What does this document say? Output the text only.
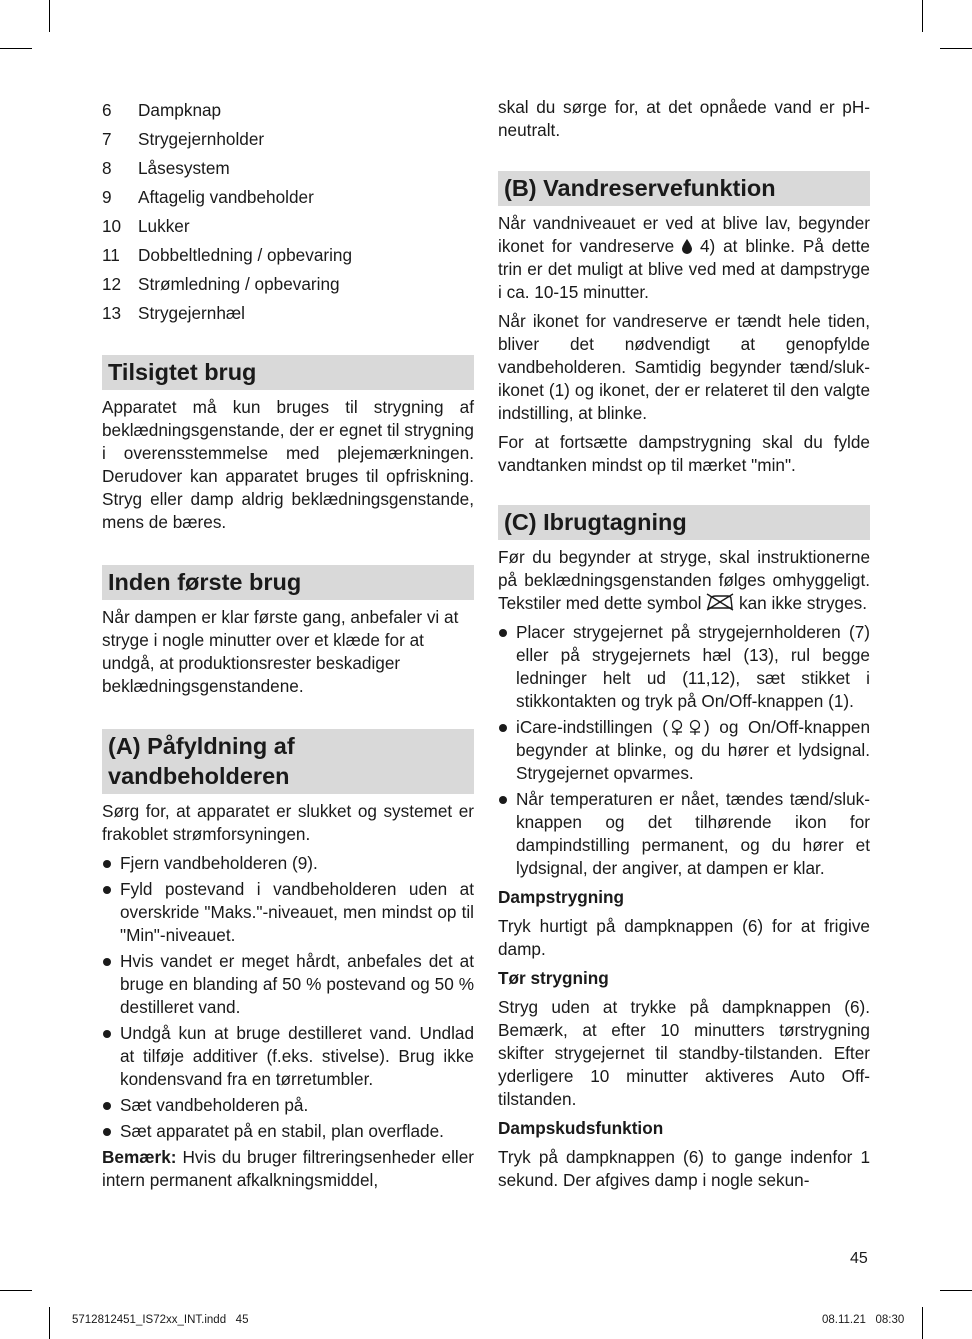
6	Dampknap
7	Strygejernholder
8	Låsesystem
9	Aftagelig vandbeholder
10 Lukker
11	Dobbeltledning / opbevaring
12 Strømledning / opbevaring
13 Strygejernhæl
Tilsigtet brug

Apparatet må kun bruges til strygning af beklædningsgenstande, der er egnet til strygning i overensstemmelse med plejemærkningen. Derudover kan apparatet bruges til opfriskning. Stryg eller damp aldrig beklædningsgenstande, mens de bæres.

Inden første brug

Når dampen er klar første gang, anbefaler vi at stryge i nogle minutter over et klæde for at undgå, at produktionsrester beskadiger beklædningsgenstandene.

(A) Påfyldning af vandbeholderen

Sørg for, at apparatet er slukket og systemet er frakoblet strømforsyningen.

Fjern vandbeholderen (9).
Fyld postevand i vandbeholderen uden at overskride "Maks."-niveauet, men mindst op til "Min"-niveauet.
Hvis vandet er meget hårdt, anbefales det at bruge en blanding af 50 % postevand og 50 % destilleret vand.
Undgå kun at bruge destilleret vand. Undlad at tilføje additiver (f.eks. stivelse). Brug ikke kondensvand fra en tørretumbler.
Sæt vandbeholderen på.
Sæt apparatet på en stabil, plan overflade.

Bemærk: Hvis du bruger filtreringsenheder eller intern permanent afkalkningsmiddel,

skal du sørge for, at det opnåede vand er pH-neutralt.

(B) Vandreservefunktion

Når vandniveauet er ved at blive lav, begynder ikonet for vandreserve  4) at blinke. På dette trin er det muligt at blive ved med at dampstryge i ca. 10-15 minutter.

Når ikonet for vandreserve er tændt hele tiden, bliver det nødvendigt at genopfylde vandbeholderen. Samtidig begynder tænd/sluk-ikonet (1) og ikonet, der er relateret til den valgte indstilling, at blinke.

For at fortsætte dampstrygning skal du fylde vandtanken mindst op til mærket "min".

(C) Ibrugtagning

Før du begynder at stryge, skal instruktionerne på beklædningsgenstanden følges omhyggeligt. Tekstiler med dette symbol  kan ikke stryges.

Placer strygejernet på strygejernholderen (7) eller på strygejernets hæl (13), rul begge ledninger helt ud (11,12), sæt stikket i stikkontakten og tryk på On/Off-knappen (1).
iCare-indstillingen ( ) og On/Off-knappen begynder at blinke, og du hører et lydsignal. Strygejernet opvarmes.
Når temperaturen er nået, tændes tænd/sluk-knappen og det tilhørende ikon for dampindstilling permanent, og du hører et lydsignal, der angiver, at dampen er klar.
Dampstrygning

Tryk hurtigt på dampknappen (6) for at frigive damp.

Tør strygning

Stryg uden at trykke på dampknappen (6). Bemærk, at efter 10 minutters tørstrygning skifter strygejernet til standby-tilstanden. Efter yderligere 10 minutter aktiveres Auto Off-tilstanden.

Dampskudsfunktion

Tryk på dampknappen (6) to gange indenfor 1 sekund. Der afgives damp i nogle sekun-

45
5712812451_IS72xx_INT.indd   45	08.11.21   08:30
